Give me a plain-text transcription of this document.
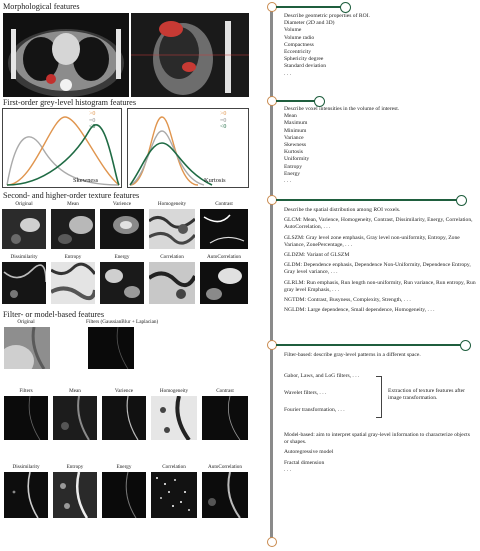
Morphological features
First-order grey-level histogram features
>0
=0
<0
Skewness
>0
=0
<0
Kurtosis
Second- and higher-order texture features
Original	Mean	Varience	Homogeneity	Contrast
Dissimilarity	Entropy	Energy	Correlation	AutoCorrelation
Filter- or model-based features
Original	Filters (GaussianBlur + Laplacian)
Filters	Mean	Varience	Homogeneity	Contrast
Dissimilarity	Entropy	Energy	Correlation	AutoCorrelation
Describe geometric properties of ROI.
Diameter (2D and 3D)
Volume
Volume radio
Compactness
Eccentricity
Sphericity degree
Standard deviation
. . .
Describe voxel intensities in the volume of interest.
Mean
Maximum
Minimum
Variance
Skewness
Kurtosis
Uniformity
Entropy
Energy
. . .
Describe the spatial distribution among ROI voxels.
GLCM: Mean, Varience, Homogeneity, Contrast, Dissimilarity, Energy, Correlation, AutoCorrelation, . . .
GLSZM: Gray level zone emphasis, Gray level non-uniformity, Entropy, Zone Variance, ZonePercentage, . . .
GLDZM: Variant of GLSZM
GLDM: Dependence enphasis, Dependence Non-Uniformity, Dependence Entropy, Gray level variance, . . .
GLRLM: Run emphasis, Run length non-uniformity, Run variance, Run entropy, Run gray level Emphasis, . . .
NGTDM: Contrast, Busyness, Complexity, Strength, . . .
NGLDM: Large dependence, Small dependence, Homogeneity, . . .
Filter-based: describe gray-level patterns in a different space.
Gabor, Laws, and LoG filters, . . .
Wavelet filters, . . .
Fourier transformation, . . .
Extraction of texture features after image transformation.
Model-based: aim to interpret spatial gray-level information to characterize objects or shapes.
Autoregressive model
Fractal dimension
. . .
